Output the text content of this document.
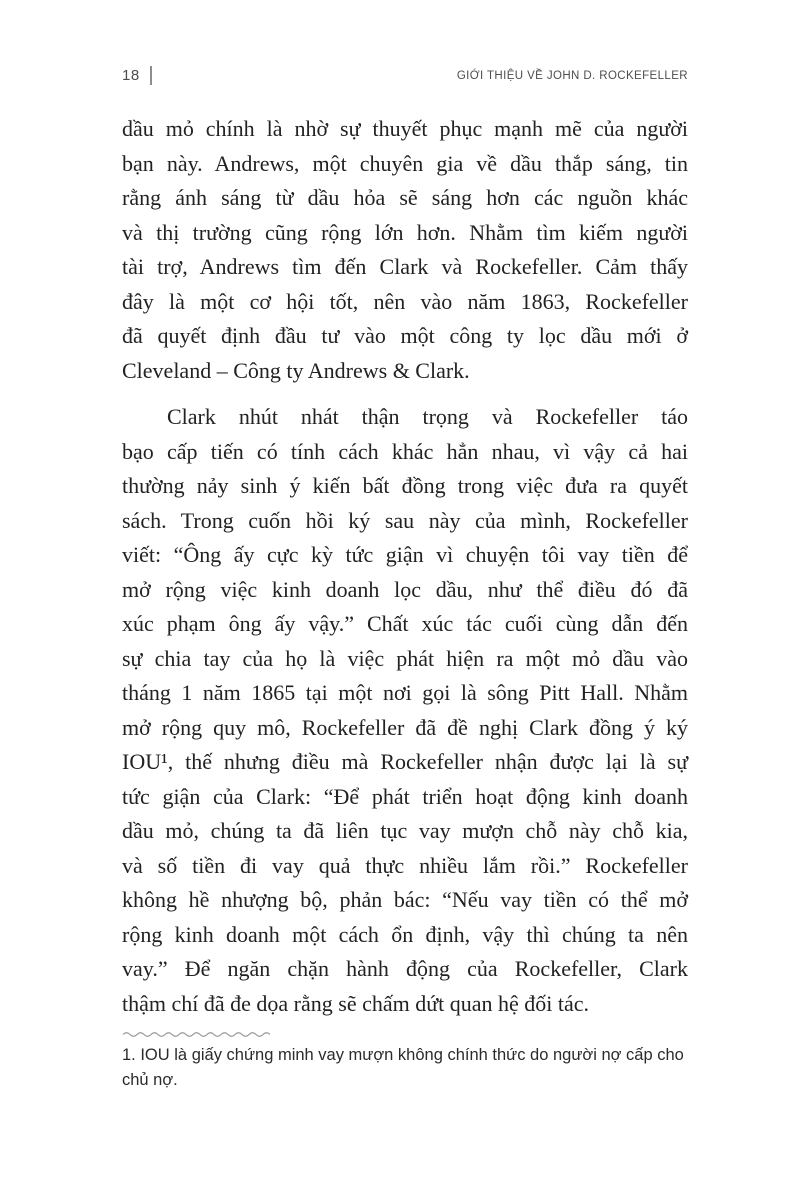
18	GIỚI THIỆU VỀ JOHN D. ROCKEFELLER
dầu mỏ chính là nhờ sự thuyết phục mạnh mẽ của người
bạn này. Andrews, một chuyên gia về dầu thắp sáng, tin
rằng ánh sáng từ dầu hỏa sẽ sáng hơn các nguồn khác
và thị trường cũng rộng lớn hơn. Nhằm tìm kiếm người
tài trợ, Andrews tìm đến Clark và Rockefeller. Cảm thấy
đây là một cơ hội tốt, nên vào năm 1863, Rockefeller
đã quyết định đầu tư vào một công ty lọc dầu mới ở
Cleveland – Công ty Andrews & Clark.
Clark nhút nhát thận trọng và Rockefeller táo
bạo cấp tiến có tính cách khác hẳn nhau, vì vậy cả hai
thường nảy sinh ý kiến bất đồng trong việc đưa ra quyết
sách. Trong cuốn hồi ký sau này của mình, Rockefeller
viết: “Ông ấy cực kỳ tức giận vì chuyện tôi vay tiền để
mở rộng việc kinh doanh lọc dầu, như thể điều đó đã
xúc phạm ông ấy vậy.” Chất xúc tác cuối cùng dẫn đến
sự chia tay của họ là việc phát hiện ra một mỏ dầu vào
tháng 1 năm 1865 tại một nơi gọi là sông Pitt Hall. Nhằm
mở rộng quy mô, Rockefeller đã đề nghị Clark đồng ý ký
IOU¹, thế nhưng điều mà Rockefeller nhận được lại là sự
tức giận của Clark: “Để phát triển hoạt động kinh doanh
dầu mỏ, chúng ta đã liên tục vay mượn chỗ này chỗ kia,
và số tiền đi vay quả thực nhiều lắm rồi.” Rockefeller
không hề nhượng bộ, phản bác: “Nếu vay tiền có thể mở
rộng kinh doanh một cách ổn định, vậy thì chúng ta nên
vay.” Để ngăn chặn hành động của Rockefeller, Clark
thậm chí đã đe dọa rằng sẽ chấm dứt quan hệ đối tác.
1. IOU là giấy chứng minh vay mượn không chính thức do người nợ cấp cho
chủ nợ.
